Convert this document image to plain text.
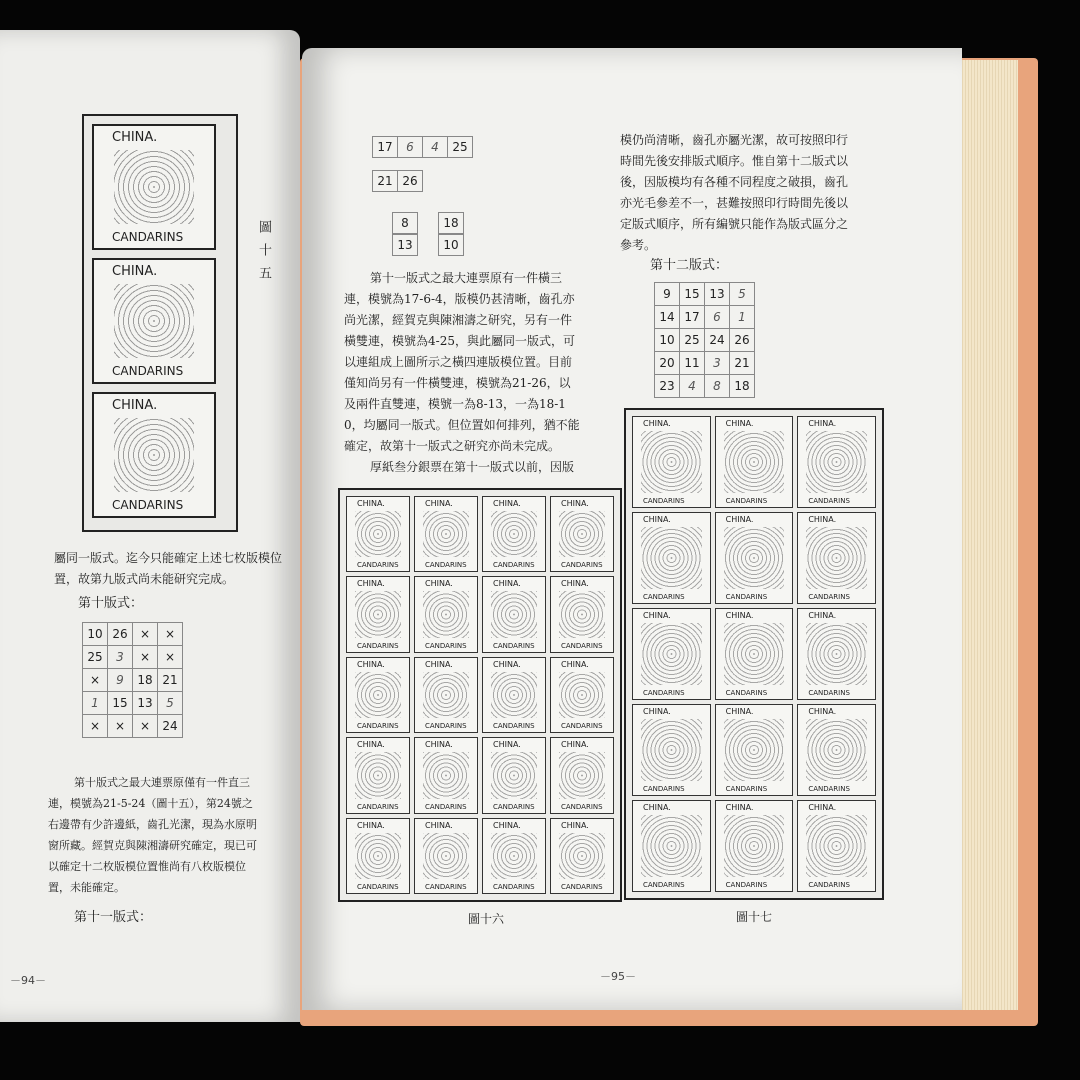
CHINA.
CANDARINS
CHINA.
CANDARINS
CHINA.
CANDARINS
圖十五
屬同一版式。迄今只能確定上述七枚版模位
置，故第九版式尚未能研究完成。
第十版式：
10	26	×	×
25	3	×	×
×	9	18	21
1	15	13	5
×	×	×	24
第十版式之最大連票原僅有一件直三
連，模號為21-5-24（圖十五），第24號之
右邊帶有少許邊紙，齒孔光潔，現為水原明
窗所藏。經賀克與陳湘濤研究確定，現已可
以確定十二枚版模位置惟尚有八枚版模位
置，未能確定。
第十一版式：
－94－
17	6	4	25
21	26
8	18
13	10
第十一版式之最大連票原有一件橫三
連，模號為17-6-4，版模仍甚清晰，齒孔亦
尚光潔，經賀克與陳湘濤之研究，另有一件
橫雙連，模號為4-25，與此屬同一版式，可
以連組成上圖所示之橫四連版模位置。目前
僅知尚另有一件橫雙連，模號為21-26，以
及兩件直雙連，模號一為8-13，一為18-1
0，均屬同一版式。但位置如何排列，猶不能
確定，故第十一版式之研究亦尚未完成。
厚紙叁分銀票在第十一版式以前，因版
模仍尚清晰，齒孔亦屬光潔，故可按照印行
時間先後安排版式順序。惟自第十二版式以
後，因版模均有各種不同程度之破損，齒孔
亦光毛參差不一，甚難按照印行時間先後以
定版式順序，所有編號只能作為版式區分之
參考。
第十二版式：
9	15	13	5
14	17	6	1
10	25	24	26
20	11	3	21
23	4	8	18
CHINA.
CANDARINS
CHINA.
CANDARINS
CHINA.
CANDARINS
CHINA.
CANDARINS
CHINA.
CANDARINS
CHINA.
CANDARINS
CHINA.
CANDARINS
CHINA.
CANDARINS
CHINA.
CANDARINS
CHINA.
CANDARINS
CHINA.
CANDARINS
CHINA.
CANDARINS
CHINA.
CANDARINS
CHINA.
CANDARINS
CHINA.
CANDARINS
CHINA.
CANDARINS
CHINA.
CANDARINS
CHINA.
CANDARINS
CHINA.
CANDARINS
CHINA.
CANDARINS
圖十六
CHINA.
CANDARINS
CHINA.
CANDARINS
CHINA.
CANDARINS
CHINA.
CANDARINS
CHINA.
CANDARINS
CHINA.
CANDARINS
CHINA.
CANDARINS
CHINA.
CANDARINS
CHINA.
CANDARINS
CHINA.
CANDARINS
CHINA.
CANDARINS
CHINA.
CANDARINS
CHINA.
CANDARINS
CHINA.
CANDARINS
CHINA.
CANDARINS
圖十七
－95－
